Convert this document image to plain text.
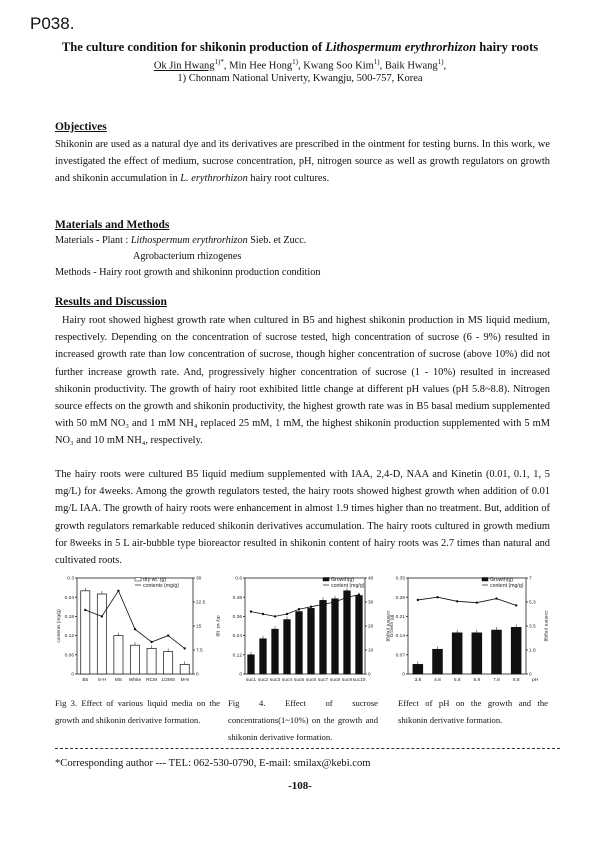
P038.
The culture condition for shikonin production of Lithospermum erythrorhizon hairy roots
Ok Jin Hwang$^{1)*}$, Min Hee Hong$^{1)}$, Kwang Soo Kim$^{1)}$, Baik Hwang$^{1)}$,
1) Chonnam National Univerty, Kwangju, 500-757, Korea
Objectives
Shikonin are used as a natural dye and its derivatives are prescribed in the ointment for testing burns. In this work, we investigated the effect of medium, sucrose concentration, pH, nitrogen source as well as growth regulators on growth and shikonin accumulation in L. erythrorhizon hairy root cultures.
Materials and Methods
Materials - Plant : Lithospermum erythrorhizon Sieb. et Zucc.
Agrobacterium rhizogenes
Methods - Hairy root growth and shikoninn production condition
Results and Discussion
Hairy root showed highest growth rate when cultured in B5 and highest shikonin production in MS liquid medium, respectively. Depending on the concentration of sucrose tested, high concentration of sucrose (6 - 9%) resulted in increased growth rate than low concentration of sucrose, though higher concentration of sucrose (above 10%) did not further increase growth rate. And, progressively higher concentration of sucrose (1 - 10%) resulted in increased shikonin productivity. The growth of hairy root exhibited little change at different pH values (pH 5.8~8.8). Nitrogen source effects on the growth and shikonin productivity, the highest growth rate was in B5 basal medium supplemented with 50 mM NO₃ and 1 mM NH₄ replaced 25 mM, 1 mM, the highest shikonin production supplemented with 5 mM NO₃ and 10 mM NH₄, respectively.
The hairy roots were cultured B5 liquid medium supplemented with IAA, 2,4-D, NAA and Kinetin (0.01, 0.1, 1, 5 mg/L) for 4weeks. Among the growth regulators tested, the hairy roots showed highest growth when addition of 0.01 mg/L IAA. The growth of hairy roots were enhancement in almost 1.9 times higher than no treatment. But, addition of growth regulators remarkable reduced shikonin derivatives accumulation. The hairy roots cultured in growth medium for 8weeks in 5 L air-bubble type bioreactor resulted in shikonin content of hairy roots was 2.7 times than natural and cultivated roots.
0
0.06
0.12
0.18
0.24
0.3
0
7.5
15
22.5
30
B5 S-H MS White RCM 1/2MS M-9
dry wt. (g)
contents (mg/g)
contents (mg/g)	dry wt. (g)
0
0.12
0.24
0.36
0.48
0.6
0
10
20
30
40
suc1 suc2 suc3 suc4 suc5 suc6 suc7 suc8 suc9 suc10
Growth(g)
content (mg/g)
content (mg/g)
0
0.07
0.14
0.21
0.28
0.35
0
1.8
3.5
5.3
7
3.8	4.8	5.8	6.8	7.8	8.8
Growth(g)
content (mg/g)
Growth (g)	content (mg/g)
pH
Fig 3. Effect of various liquid media on the growth and shikonin derivative formation.
Fig 4. Effect of sucrose concentrations(1~10%) on the growth and shikonin derivative formation.
Effect of pH on the growth and the shikonin derivative formation.
*Corresponding author --- TEL: 062-530-0790, E-mail: smilax@kebi.com
-108-
